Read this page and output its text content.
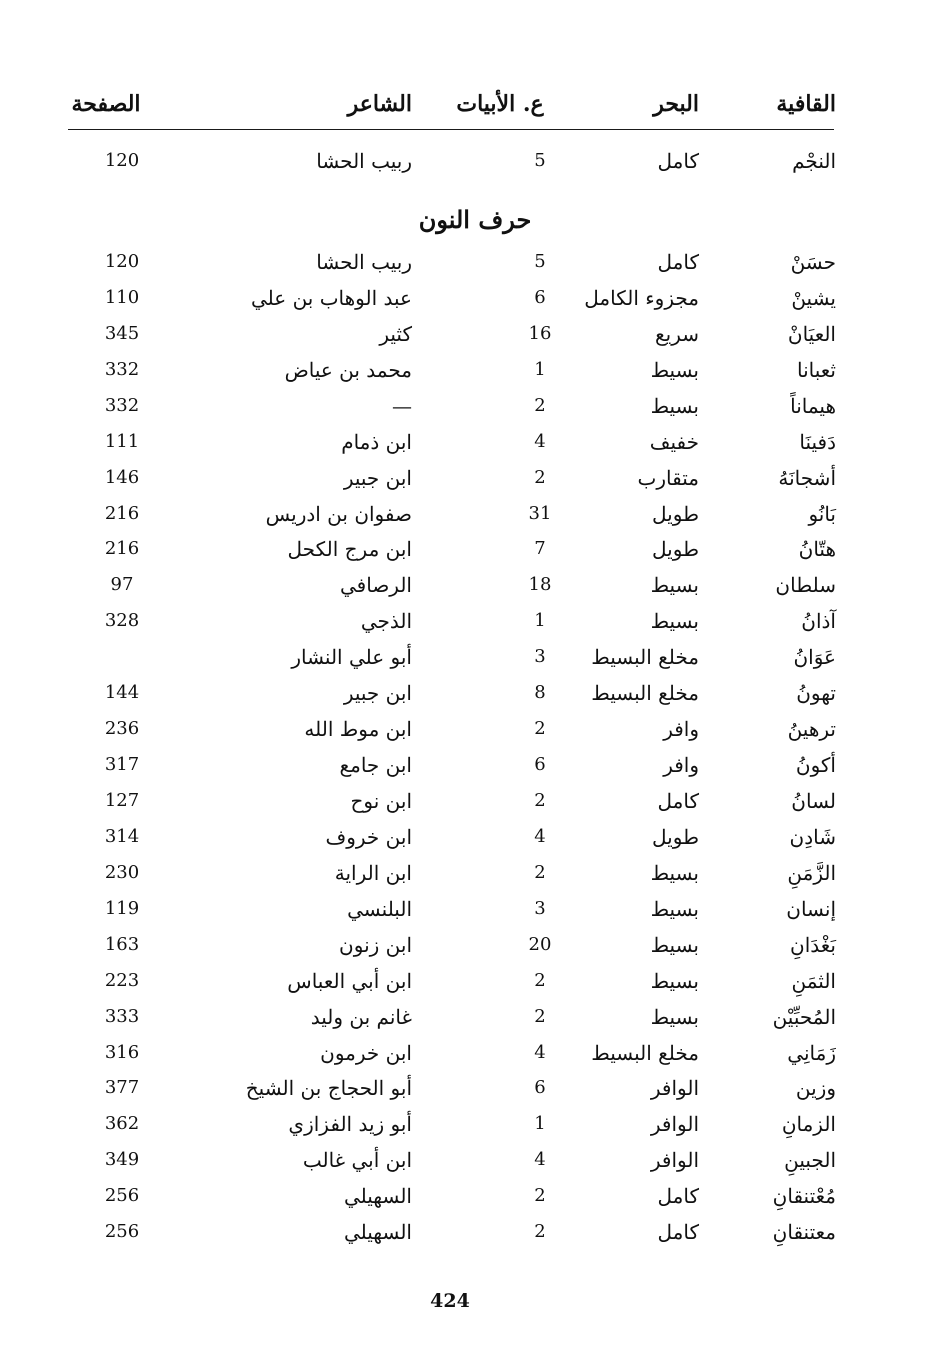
القافية
البحر
ع. الأبيات
الشاعر
الصفحة
النجْم
كامل
5
ربيب الحشا
120
حرف النون
حسَنْ
كامل
5
ربيب الحشا
120
يشينْ
مجزوء الكامل
6
عبد الوهاب بن علي
110
العيَانْ
سريع
16
كثير
345
ثعبانا
بسيط
1
محمد بن عياض
332
هيماناً
بسيط
2
—
332
دَفينَا
خفيف
4
ابن ذمام
111
أشجانَهُ
متقارب
2
ابن جبير
146
بَانُو
طويل
31
صفوان بن ادريس
216
هتّانُ
طويل
7
ابن مرج الكحل
216
سلطان
بسيط
18
الرصافي
97
آذانُ
بسيط
1
الذجي
328
عَوَانُ
مخلع البسيط
3
أبو علي النشار
تهونُ
مخلع البسيط
8
ابن جبير
144
ترهينُ
وافر
2
ابن موط الله
236
أكونُ
وافر
6
ابن جامع
317
لسانُ
كامل
2
ابن نوح
127
شَادِن
طويل
4
ابن خروف
314
الزَّمَنِ
بسيط
2
ابن الراية
230
إنسان
بسيط
3
البلنسي
119
بَغْدَانِ
بسيط
20
ابن زنون
163
الثمَنِ
بسيط
2
ابن أبي العباس
223
المُحبِّيْن
بسيط
2
غانم بن وليد
333
زَمَانِي
مخلع البسيط
4
ابن خرمون
316
وزين
الوافر
6
أبو الحجاج بن الشيخ
377
الزمانِ
الوافر
1
أبو زيد الفزازي
362
الجبينِ
الوافر
4
ابن أبي غالب
349
مُعْتنقانِ
كامل
2
السهيلي
256
معتنقانِ
كامل
2
السهيلي
256
424
